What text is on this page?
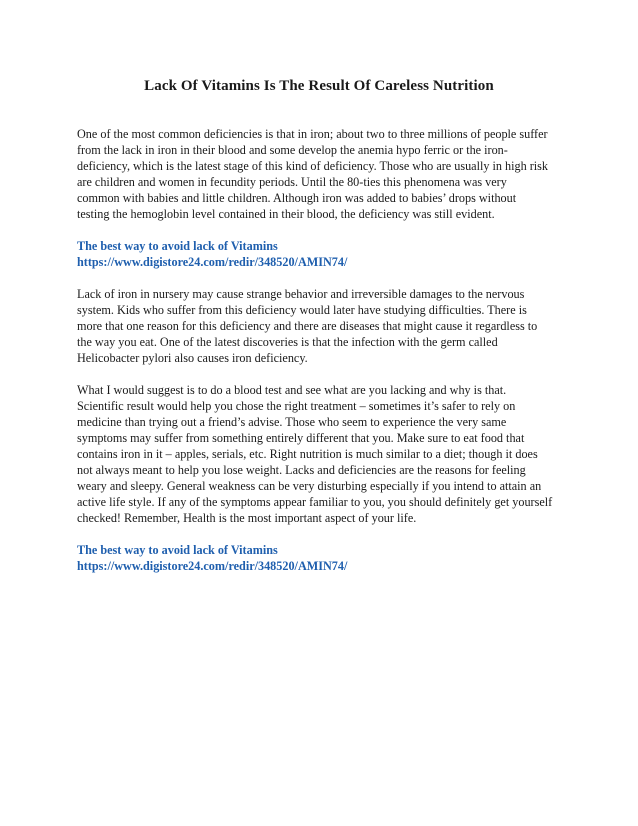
Lack Of Vitamins Is The Result Of Careless Nutrition

One of the most common deficiencies is that in iron; about two to three millions of people suffer
from the lack in iron in their blood and some develop the anemia hypo ferric or the iron-
deficiency, which is the latest stage of this kind of deficiency. Those who are usually in high risk
are children and women in fecundity periods. Until the 80-ties this phenomena was very
common with babies and little children. Although iron was added to babies’ drops without
testing the hemoglobin level contained in their blood, the deficiency was still evident.

The best way to avoid lack of Vitamins
https://www.digistore24.com/redir/348520/AMIN74/

Lack of iron in nursery may cause strange behavior and irreversible damages to the nervous
system. Kids who suffer from this deficiency would later have studying difficulties. There is
more that one reason for this deficiency and there are diseases that might cause it regardless to
the way you eat. One of the latest discoveries is that the infection with the germ called
Helicobacter pylori also causes iron deficiency.

What I would suggest is to do a blood test and see what are you lacking and why is that.
Scientific result would help you chose the right treatment – sometimes it’s safer to rely on
medicine than trying out a friend’s advise. Those who seem to experience the very same
symptoms may suffer from something entirely different that you. Make sure to eat food that
contains iron in it – apples, serials, etc. Right nutrition is much similar to a diet; though it does
not always meant to help you lose weight. Lacks and deficiencies are the reasons for feeling
weary and sleepy. General weakness can be very disturbing especially if you intend to attain an
active life style. If any of the symptoms appear familiar to you, you should definitely get yourself
checked! Remember, Health is the most important aspect of your life.

The best way to avoid lack of Vitamins
https://www.digistore24.com/redir/348520/AMIN74/
